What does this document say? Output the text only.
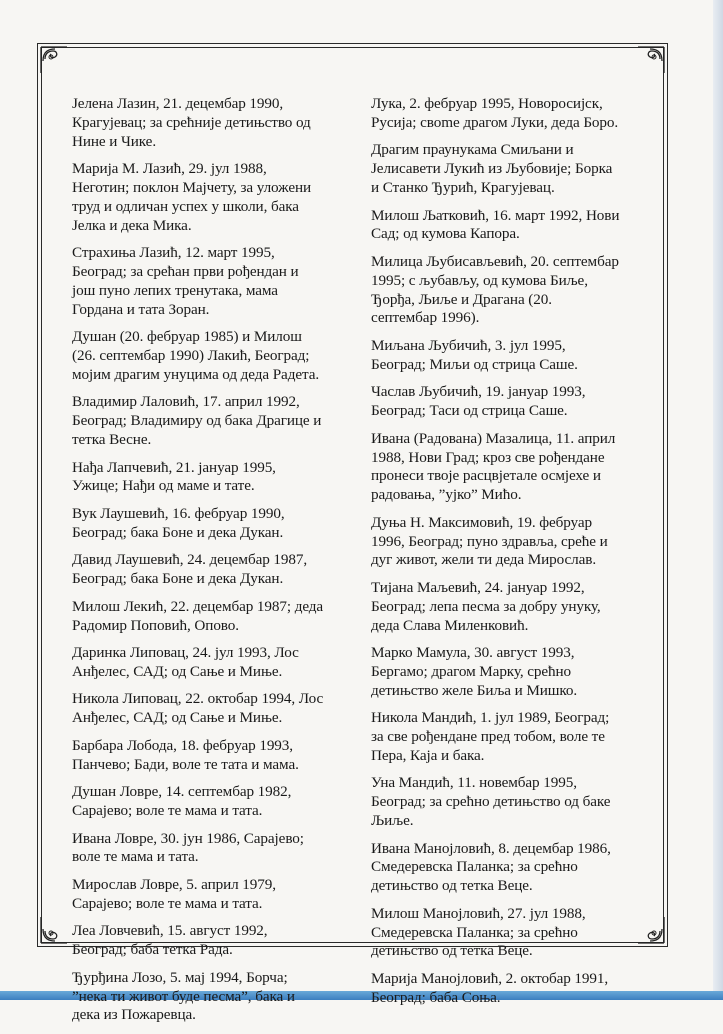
Јелена Лазин, 21. децембар 1990,
Крагујевац; за срећније детињство од
Нине и Чике.
Марија М. Лазић, 29. јул 1988,
Неготин; поклон Мајчету, за уложени
труд и одличан успех у школи, бака
Јелка и дека Мика.
Страхиња Лазић, 12. март 1995,
Београд; за срећан први рођендан и
још пуно лепих тренутака, мама
Гордана и тата Зоран.
Душан (20. фебруар 1985) и Милош
(26. септембар 1990) Лакић, Београд;
мојим драгим унуцима од деда Радета.
Владимир Лаловић, 17. април 1992,
Београд; Владимиру од бака Драгице и
тетка Весне.
Нађа Лапчевић, 21. јануар 1995,
Ужице; Нађи од маме и тате.
Вук Лаушевић, 16. фебруар 1990,
Београд; бака Боне и дека Дукан.
Давид Лаушевић, 24. децембар 1987,
Београд; бака Боне и дека Дукан.
Милош Лекић, 22. децембар 1987; деда
Радомир Поповић, Опово.
Даринка Липовац, 24. јул 1993, Лос
Анђелес, САД; од Сање и Миње.
Никола Липовац, 22. октобар 1994, Лос
Анђелес, САД; од Сање и Миње.
Барбара Лобода, 18. фебруар 1993,
Панчево; Бади, воле те тата и мама.
Душан Ловре, 14. септембар 1982,
Сарајево; воле те мама и тата.
Ивана Ловре, 30. јун 1986, Сарајево;
воле те мама и тата.
Мирослав Ловре, 5. април 1979,
Сарајево; воле те мама и тата.
Леа Ловчевић, 15. август 1992,
Београд; баба тетка Рада.
Ђурђина Лозо, 5. мај 1994, Борча;
”нека ти живот буде песма”, бака и
дека из Пожаревца.
Лука, 2. фебруар 1995, Новоросијск,
Русија; свome драгом Луки, деда Боро.
Драгим праунукама Смиљани и
Јелисавети Лукић из Љубовије; Борка
и Станко Ђурић, Крагујевац.
Милош Љатковић, 16. март 1992, Нови
Сад; од кумова Капора.
Милица Љубисављевић, 20. септембар
1995; с љубављу, од кумова Биље,
Ђорђа, Љиље и Драгана (20.
септембар 1996).
Миљана Љубичић, 3. јул 1995,
Београд; Миљи од стрица Саше.
Часлав Љубичић, 19. јануар 1993,
Београд; Таси од стрица Саше.
Ивана (Радована) Мазалица, 11. април
1988, Нови Град; кроз све рођендане
пронеси твоје расцвјетале осмјехе и
радовања, ”ујко” Мићо.
Дуња Н. Максимовић, 19. фебруар
1996, Београд; пуно здравља, среће и
дуг живот, жели ти деда Мирослав.
Тијана Маљевић, 24. јануар 1992,
Београд; лепа песма за добру унуку,
деда Слава Миленковић.
Марко Мамула, 30. август 1993,
Бергамо; драгом Марку, срећно
детињство желе Биља и Мишко.
Никола Мандић, 1. јул 1989, Београд;
за све рођендане пред тобом, воле те
Пера, Каја и бака.
Уна Мандић, 11. новембар 1995,
Београд; за срећно детињство од баке
Љиље.
Ивана Манојловић, 8. децембар 1986,
Смедеревска Паланка; за срећно
детињство од тетка Веце.
Милош Манојловић, 27. јул 1988,
Смедеревска Паланка; за срећно
детињство од тетка Веце.
Марија Манојловић, 2. октобар 1991,
Београд; баба Соња.
